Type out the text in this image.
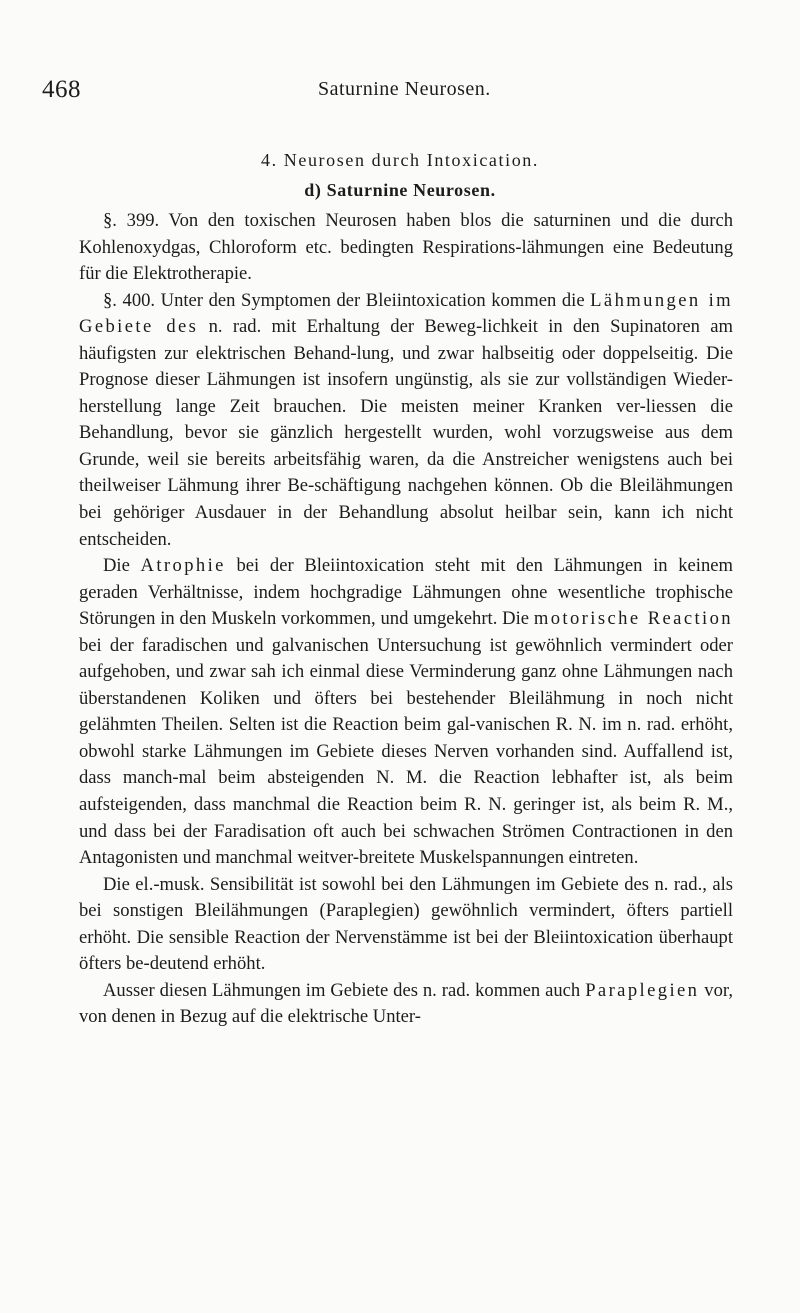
468	Saturnine Neurosen.
4. Neurosen durch Intoxication.
d) Saturnine Neurosen.

§. 399. Von den toxischen Neurosen haben blos die saturninen und die durch Kohlenoxydgas, Chloroform etc. bedingten Respirations-lähmungen eine Bedeutung für die Elektrotherapie.

§. 400. Unter den Symptomen der Bleiintoxication kommen die Lähmungen im Gebiete des n. rad. mit Erhaltung der Beweg-lichkeit in den Supinatoren am häufigsten zur elektrischen Behand-lung, und zwar halbseitig oder doppelseitig. Die Prognose dieser Lähmungen ist insofern ungünstig, als sie zur vollständigen Wieder-herstellung lange Zeit brauchen. Die meisten meiner Kranken ver-liessen die Behandlung, bevor sie gänzlich hergestellt wurden, wohl vorzugsweise aus dem Grunde, weil sie bereits arbeitsfähig waren, da die Anstreicher wenigstens auch bei theilweiser Lähmung ihrer Be-schäftigung nachgehen können. Ob die Bleilähmungen bei gehöriger Ausdauer in der Behandlung absolut heilbar sein, kann ich nicht entscheiden.

Die Atrophie bei der Bleiintoxication steht mit den Lähmungen in keinem geraden Verhältnisse, indem hochgradige Lähmungen ohne wesentliche trophische Störungen in den Muskeln vorkommen, und umgekehrt. Die motorische Reaction bei der faradischen und galvanischen Untersuchung ist gewöhnlich vermindert oder aufgehoben, und zwar sah ich einmal diese Verminderung ganz ohne Lähmungen nach überstandenen Koliken und öfters bei bestehender Bleilähmung in noch nicht gelähmten Theilen. Selten ist die Reaction beim gal-vanischen R. N. im n. rad. erhöht, obwohl starke Lähmungen im Gebiete dieses Nerven vorhanden sind. Auffallend ist, dass manch-mal beim absteigenden N. M. die Reaction lebhafter ist, als beim aufsteigenden, dass manchmal die Reaction beim R. N. geringer ist, als beim R. M., und dass bei der Faradisation oft auch bei schwachen Strömen Contractionen in den Antagonisten und manchmal weitver-breitete Muskelspannungen eintreten.

Die el.-musk. Sensibilität ist sowohl bei den Lähmungen im Gebiete des n. rad., als bei sonstigen Bleilähmungen (Paraplegien) gewöhnlich vermindert, öfters partiell erhöht. Die sensible Reaction der Nervenstämme ist bei der Bleiintoxication überhaupt öfters be-deutend erhöht.

Ausser diesen Lähmungen im Gebiete des n. rad. kommen auch Paraplegien vor, von denen in Bezug auf die elektrische Unter-
